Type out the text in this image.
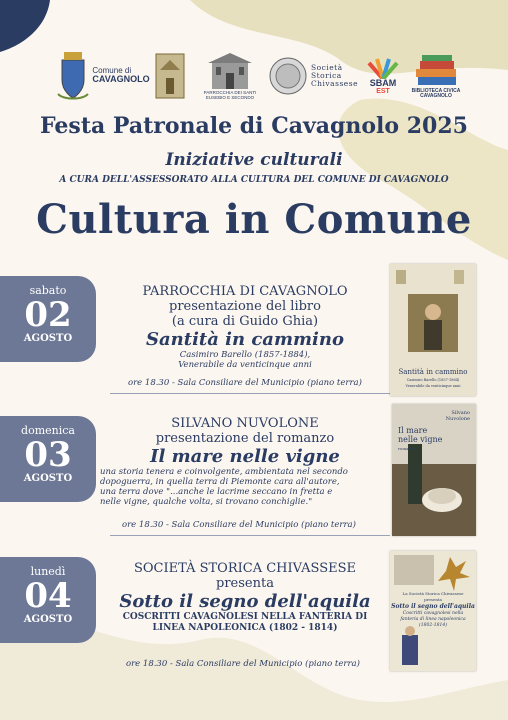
Comune di
CAVAGNOLO
PARROCCHIA DEI SANTI
EUSEBIO E SECONDO
Società
Storica
Chivassese SBAM
EST	BIBLIOTECA CIVICA
CAVAGNOLO
Festa Patronale di Cavagnolo 2025
Iniziative culturali
A CURA DELL'ASSESSORATO ALLA CULTURA DEL COMUNE DI CAVAGNOLO
Cultura in Comune
sabato
02
AGOSTO
PARROCCHIA DI CAVAGNOLO
presentazione del libro
(a cura di Guido Ghia)
Santità in cammino
Casimiro Barello (1857-1884),
Venerabile da venticinque anni
ore 18.30 - Sala Consiliare del Municipio (piano terra)
Santità in cammino
Casimiro Barello (1857-1884)
Venerabile da venticinque anni
domenica
03
AGOSTO
SILVANO NUVOLONE
presentazione del romanzo
Il mare nelle vigne
una storia tenera e coinvolgente, ambientata nel secondo
dopoguerra, in quella terra di Piemonte cara all'autore,
una terra dove "...anche le lacrime seccano in fretta e
nelle vigne, qualche volta, si trovano conchiglie."
ore 18.30 - Sala Consiliare del Municipio (piano terra)
Silvano Nuvolone
Il mare
nelle vigne
romanzo
lunedì
04
AGOSTO
SOCIETÀ STORICA CHIVASSESE
presenta
Sotto il segno dell'aquila
COSCRITTI CAVAGNOLESI NELLA FANTERIA DI
LINEA NAPOLEONICA (1802 - 1814)
ore 18.30 - Sala Consiliare del Municipio (piano terra)
La Società Storica Chivassese
presenta
Sotto il segno dell'aquila
Coscritti cavagnolesi nella
fanteria di linea napoleonica
(1802-1814)
